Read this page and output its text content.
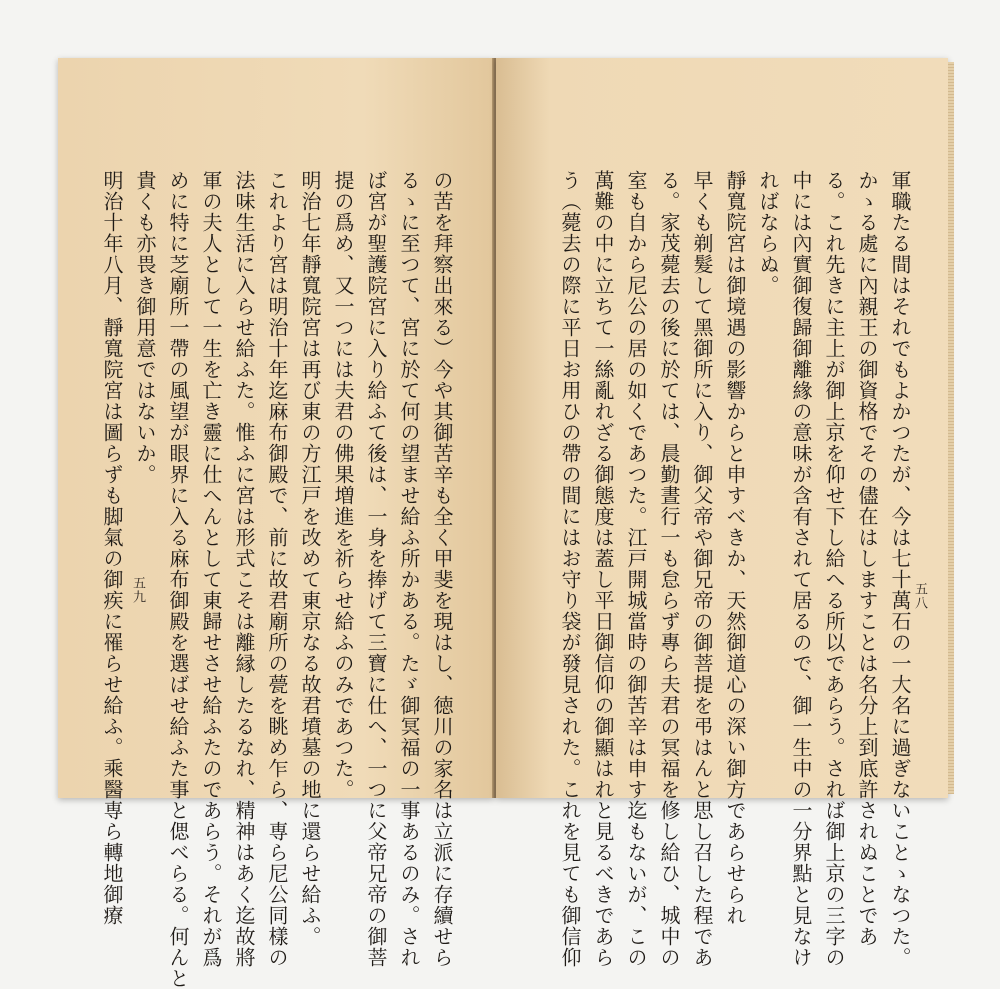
の苦を拜察出來る）今や其御苦辛も全く甲斐を現はし、徳川の家名は立派に存續せら

るゝに至つて、宮に於て何の望ませ給ふ所かある。たゞ御冥福の一事あるのみ。され

ば宮が聖護院宮に入り給ふて後は、一身を捧げて三寶に仕へ、一つに父帝兄帝の御菩

提の爲め、又一つには夫君の佛果増進を祈らせ給ふのみであつた。

明治七年靜寬院宮は再び東の方江戸を改めて東京なる故君墳墓の地に還らせ給ふ。

これより宮は明治十年迄麻布御殿で、前に故君廟所の甍を眺め乍ら、専ら尼公同樣の

法味生活に入らせ給ふた。惟ふに宮は形式こそは離縁したるなれ、精神はあく迄故將

軍の夫人として一生を亡き靈に仕へんとして東歸せさせ給ふたのであらう。それが爲

めに特に芝廟所一帶の風望が眼界に入る麻布御殿を選ばせ給ふた事と偲べらる。何んと

貴くも亦畏き御用意ではないか。

明治十年八月、靜寬院宮は圖らずも脚氣の御疾に罹らせ給ふ。乘醫専ら轉地御療 五九	軍職たる間はそれでもよかつたが、今は七十萬石の一大名に過ぎないことゝなつた。

かゝる處に內親王の御資格でその儘在はしますことは名分上到底許されぬことであ

る。これ先きに主上が御上京を仰せ下し給へる所以であらう。されば御上京の三字の

中には內實御復歸御離緣の意味が含有されて居るので、御一生中の一分界點と見なけ

ればならぬ。

靜寬院宮は御境遇の影響からと申すべきか、天然御道心の深い御方であらせられ

早くも剃髮して黑御所に入り、御父帝や御兄帝の御菩提を弔はんと思し召した程であ

る。家茂薨去の後に於ては、晨勤晝行一も怠らず專ら夫君の冥福を修し給ひ、城中の

室も自から尼公の居の如くであつた。江戸開城當時の御苦辛は申す迄もないが、この

萬難の中に立ちて一絲亂れざる御態度は蓋し平日御信仰の御顯はれと見るべきであら

う（薨去の際に平日お用ひの帶の間にはお守り袋が發見された。これを見ても御信仰	五八
